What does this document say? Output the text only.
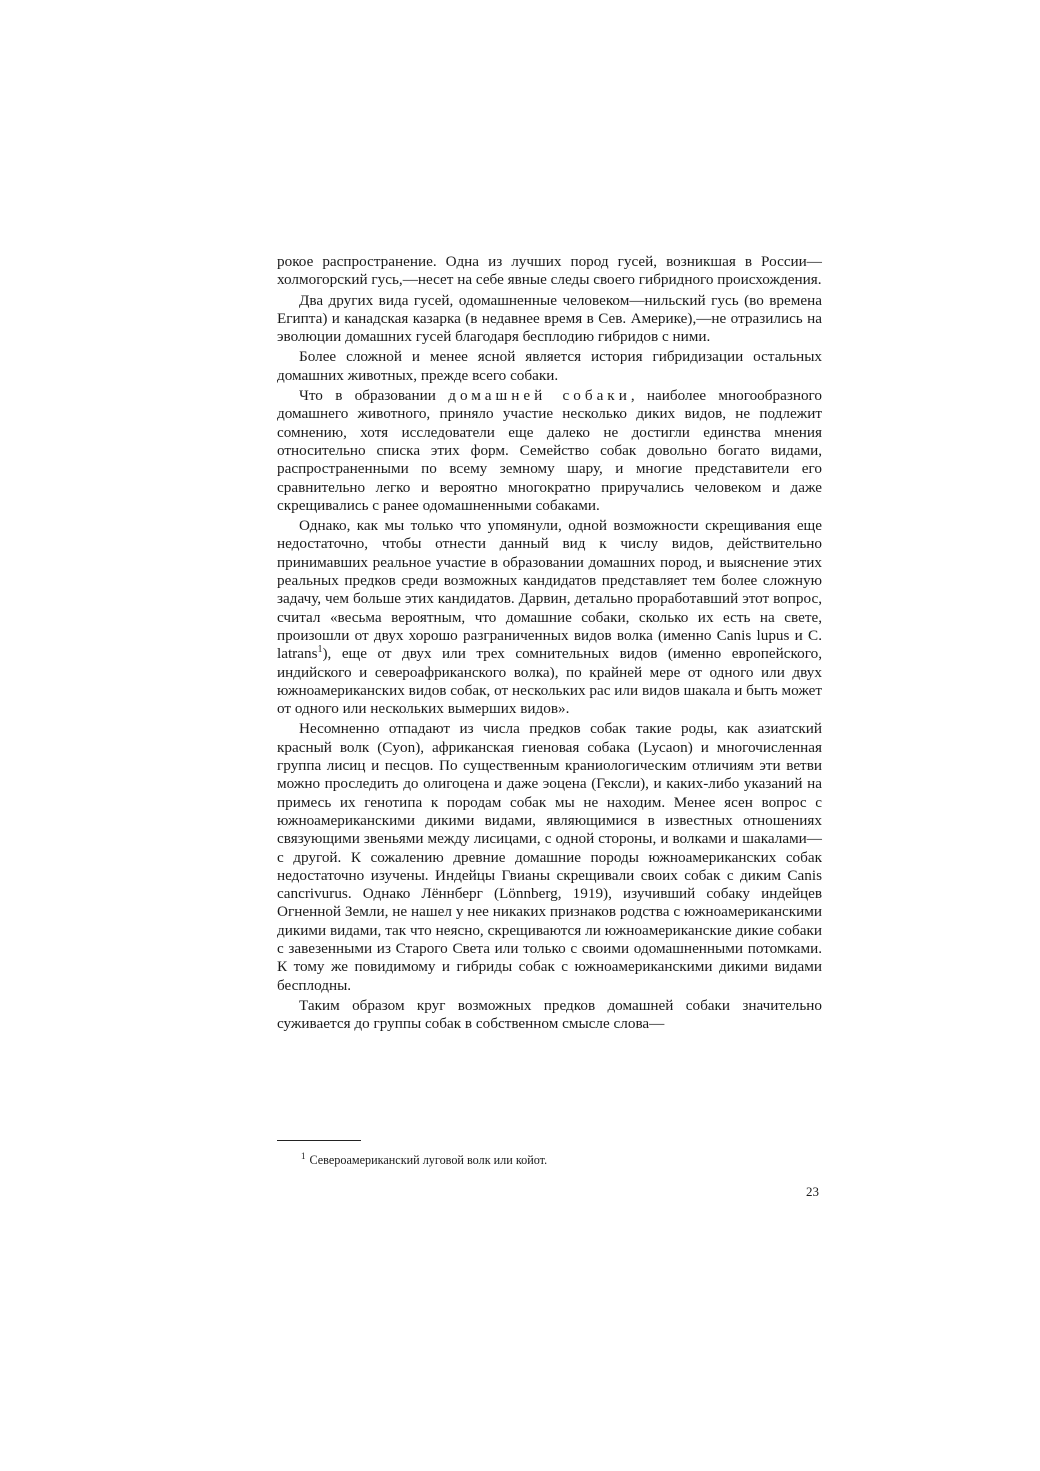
рокое распространение. Одна из лучших пород гусей, возникшая в России—холмогорский гусь,—несет на себе явные следы своего гибридного происхождения.

Два других вида гусей, одомашненные человеком—нильский гусь (во времена Египта) и канадская казарка (в недавнее время в Сев. Америке),—не отразились на эволюции домашних гусей благодаря бесплодию гибридов с ними.

Более сложной и менее ясной является история гибридизации остальных домашних животных, прежде всего собаки.

Что в образовании домашней собаки, наиболее многообразного домашнего животного, приняло участие несколько диких видов, не подлежит сомнению, хотя исследователи еще далеко не достигли единства мнения относительно списка этих форм. Семейство собак довольно богато видами, распространенными по всему земному шару, и многие представители его сравнительно легко и вероятно многократно приручались человеком и даже скрещивались с ранее одомашненными собаками.

Однако, как мы только что упомянули, одной возможности скрещивания еще недостаточно, чтобы отнести данный вид к числу видов, действительно принимавших реальное участие в образовании домашних пород, и выяснение этих реальных предков среди возможных кандидатов представляет тем более сложную задачу, чем больше этих кандидатов. Дарвин, детально проработавший этот вопрос, считал «весьма вероятным, что домашние собаки, сколько их есть на свете, произошли от двух хорошо разграниченных видов волка (именно Canis lupus и C. latrans$^1$), еще от двух или трех сомнительных видов (именно европейского, индийского и североафриканского волка), по крайней мере от одного или двух южноамериканских видов собак, от нескольких рас или видов шакала и быть может от одного или нескольких вымерших видов».

Несомненно отпадают из числа предков собак такие роды, как азиатский красный волк (Cyon), африканская гиеновая собака (Lycaon) и многочисленная группа лисиц и песцов. По существенным краниологическим отличиям эти ветви можно проследить до олигоцена и даже эоцена (Гексли), и каких-либо указаний на примесь их генотипа к породам собак мы не находим. Менее ясен вопрос с южноамериканскими дикими видами, являющимися в известных отношениях связующими звеньями между лисицами, с одной стороны, и волками и шакалами—с другой. К сожалению древние домашние породы южноамериканских собак недостаточно изучены. Индейцы Гвианы скрещивали своих собак с диким Canis cancrivurus. Однако Лённберг (Lönnberg, 1919), изучивший собаку индейцев Огненной Земли, не нашел у нее никаких признаков родства с южноамериканскими дикими видами, так что неясно, скрещиваются ли южноамериканские дикие собаки с завезенными из Старого Света или только с своими одомашненными потомками. К тому же повидимому и гибриды собак с южноамериканскими дикими видами бесплодны.

Таким образом круг возможных предков домашней собаки значительно суживается до группы собак в собственном смысле слова—

$^1$ Североамериканский луговой волк или койот.
23
